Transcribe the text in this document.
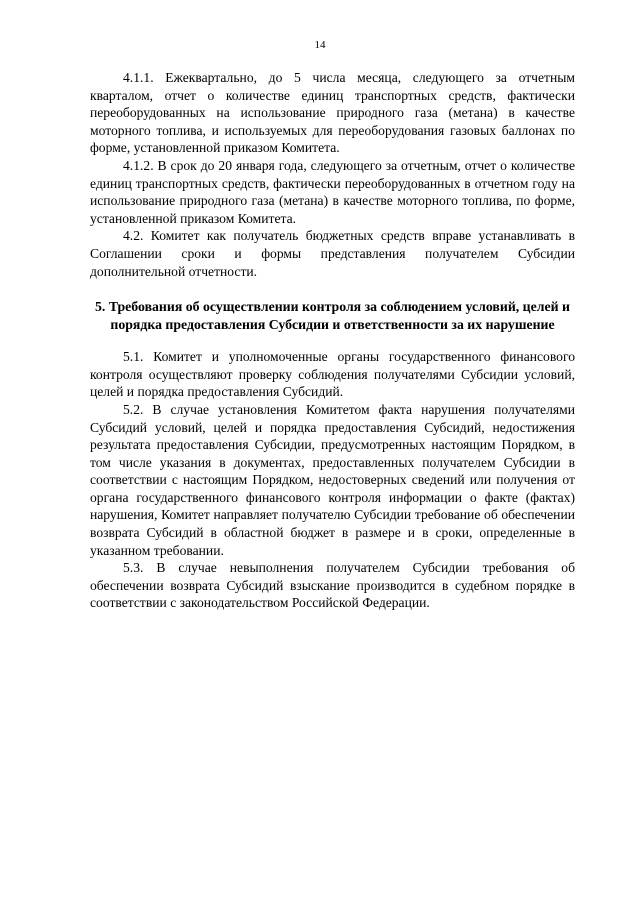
14

4.1.1. Ежеквартально, до 5 числа месяца, следующего за отчетным кварталом, отчет о количестве единиц транспортных средств, фактически переоборудованных на использование природного газа (метана) в качестве моторного топлива, и используемых для переоборудования газовых баллонах по форме, установленной приказом Комитета.

4.1.2. В срок до 20 января года, следующего за отчетным, отчет о количестве единиц транспортных средств, фактически переоборудованных в отчетном году на использование природного газа (метана) в качестве моторного топлива, по форме, установленной приказом Комитета.

4.2. Комитет как получатель бюджетных средств вправе устанавливать в Соглашении сроки и формы представления получателем Субсидии дополнительной отчетности.

5. Требования об осуществлении контроля за соблюдением условий, целей и порядка предоставления Субсидии и ответственности за их нарушение

5.1. Комитет и уполномоченные органы государственного финансового контроля осуществляют проверку соблюдения получателями Субсидии условий, целей и порядка предоставления Субсидий.

5.2. В случае установления Комитетом факта нарушения получателями Субсидий условий, целей и порядка предоставления Субсидий, недостижения результата предоставления Субсидии, предусмотренных настоящим Порядком, в том числе указания в документах, предоставленных получателем Субсидии в соответствии с настоящим Порядком, недостоверных сведений или получения от органа государственного финансового контроля информации о факте (фактах) нарушения, Комитет направляет получателю Субсидии требование об обеспечении возврата Субсидий в областной бюджет в размере и в сроки, определенные в указанном требовании.

5.3. В случае невыполнения получателем Субсидии требования об обеспечении возврата Субсидий взыскание производится в судебном порядке в соответствии с законодательством Российской Федерации.
